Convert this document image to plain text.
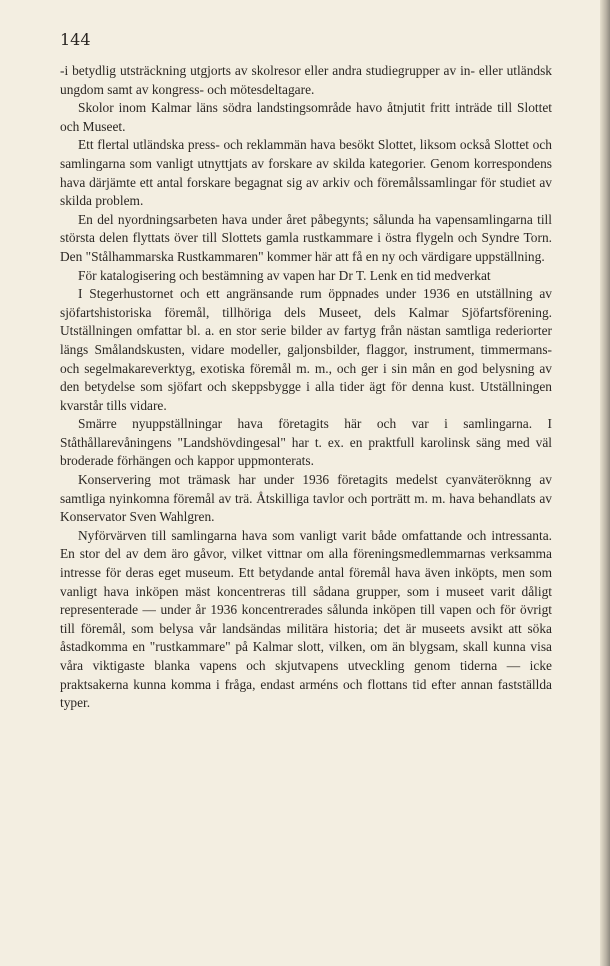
144

-i betydlig utsträckning utgjorts av skolresor eller andra studiegrupper av in- eller utländsk ungdom samt av kongress- och mötesdeltagare.

Skolor inom Kalmar läns södra landstingsområde havo åtnjutit fritt inträde till Slottet och Museet.

Ett flertal utländska press- och reklammän hava besökt Slottet, liksom också Slottet och samlingarna som vanligt utnyttjats av forskare av skilda kategorier. Genom korrespondens hava därjämte ett antal forskare begagnat sig av arkiv och föremålssamlingar för studiet av skilda problem.

En del nyordningsarbeten hava under året påbegynts; sålunda ha vapensamlingarna till största delen flyttats över till Slottets gamla rustkammare i östra flygeln och Syndre Torn. Den "Stålhammarska Rustkammaren" kommer här att få en ny och värdigare uppställning.

För katalogisering och bestämning av vapen har Dr T. Lenk en tid medverkat

I Stegerhustornet och ett angränsande rum öppnades under 1936 en utställning av sjöfartshistoriska föremål, tillhöriga dels Museet, dels Kalmar Sjöfartsförening. Utställningen omfattar bl. a. en stor serie bilder av fartyg från nästan samtliga rederiorter längs Smålandskusten, vidare modeller, galjonsbilder, flaggor, instrument, timmermans- och segelmakareverktyg, exotiska föremål m. m., och ger i sin mån en god belysning av den betydelse som sjöfart och skeppsbygge i alla tider ägt för denna kust. Utställningen kvarstår tills vidare.

Smärre nyuppställningar hava företagits här och var i samlingarna. I Ståthållarevåningens "Landshövdingesal" har t. ex. en praktfull karolinsk säng med väl broderade förhängen och kappor uppmonterats.

Konservering mot trämask har under 1936 företagits medelst cyanväteröknng av samtliga nyinkomna föremål av trä. Åtskilliga tavlor och porträtt m. m. hava behandlats av Konservator Sven Wahlgren.

Nyförvärven till samlingarna hava som vanligt varit både omfattande och intressanta. En stor del av dem äro gåvor, vilket vittnar om alla föreningsmedlemmarnas verksamma intresse för deras eget museum. Ett betydande antal föremål hava även inköpts, men som vanligt hava inköpen mäst koncentreras till sådana grupper, som i museet varit dåligt representerade — under år 1936 koncentrerades sålunda inköpen till vapen och för övrigt till föremål, som belysa vår landsändas militära historia; det är museets avsikt att söka åstadkomma en "rustkammare" på Kalmar slott, vilken, om än blygsam, skall kunna visa våra viktigaste blanka vapens och skjutvapens utveckling genom tiderna — icke praktsakerna kunna komma i fråga, endast arméns och flottans tid efter annan fastställda typer.
